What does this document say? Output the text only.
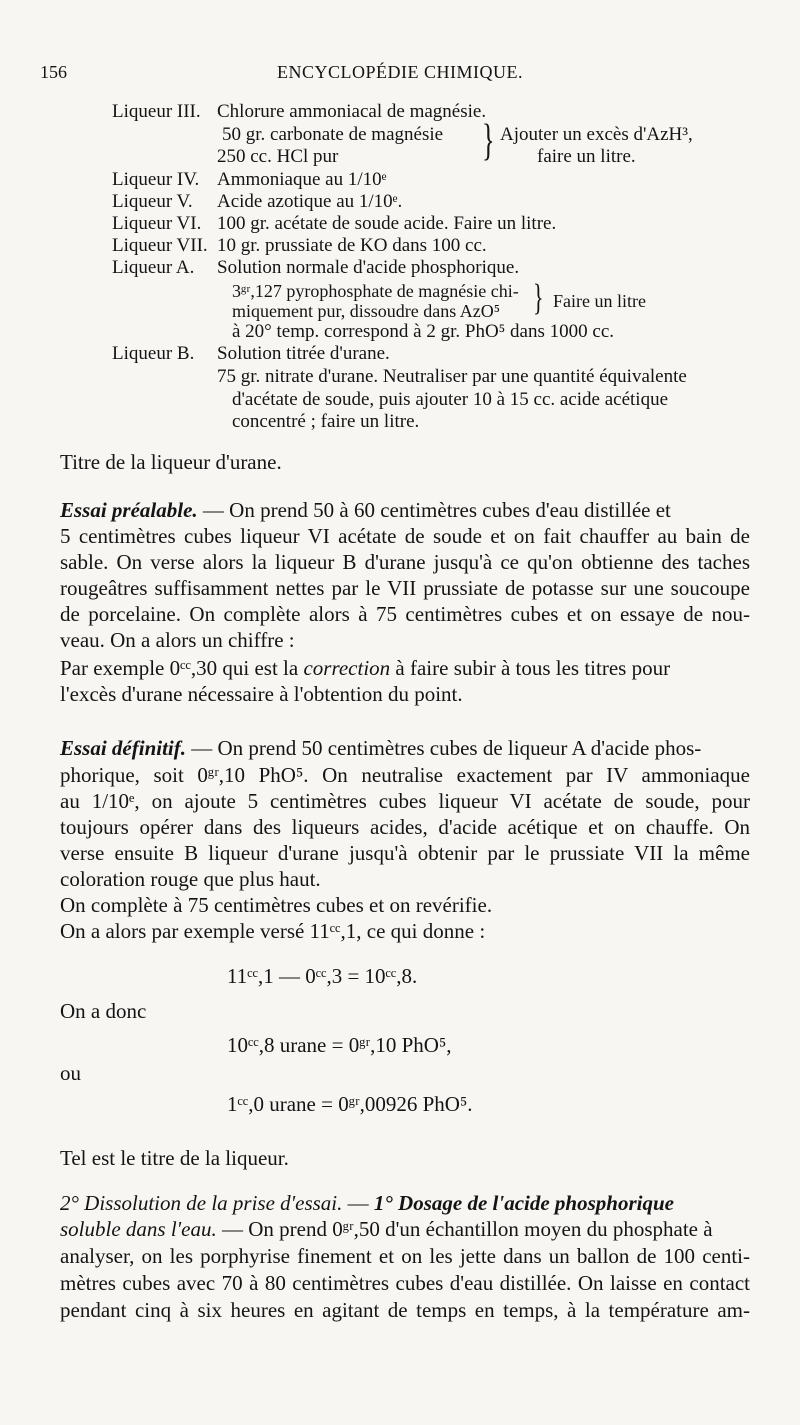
156	ENCYCLOPÉDIE CHIMIQUE.
Liqueur III. Chlorure ammoniacal de magnésie.
50 gr. carbonate de magnésie
250 cc. HCl pur	} Ajouter un excès d'AzH³,
faire un litre.
Liqueur IV. Ammoniaque au 1/10ᵉ
Liqueur V. Acide azotique au 1/10ᵉ.
Liqueur VI. 100 gr. acétate de soude acide. Faire un litre.
Liqueur VII. 10 gr. prussiate de KO dans 100 cc.
Liqueur A. Solution normale d'acide phosphorique.
3ᵍʳ,127 pyrophosphate de magnésie chi-
miquement pur, dissoudre dans AzO⁵ } Faire un litre
à 20° temp. correspond à 2 gr. PhO⁵ dans 1000 cc.
Liqueur B. Solution titrée d'urane.
75 gr. nitrate d'urane. Neutraliser par une quantité équivalente
d'acétate de soude, puis ajouter 10 à 15 cc. acide acétique
concentré ; faire un litre.
Titre de la liqueur d'urane.
Essai préalable. — On prend 50 à 60 centimètres cubes d'eau distillée et
5 centimètres cubes liqueur VI acétate de soude et on fait chauffer au bain de
sable. On verse alors la liqueur B d'urane jusqu'à ce qu'on obtienne des taches
rougeâtres suffisamment nettes par le VII prussiate de potasse sur une soucoupe
de porcelaine. On complète alors à 75 centimètres cubes et on essaye de nou-
veau. On a alors un chiffre :
Par exemple 0ᶜᶜ,30 qui est la correction à faire subir à tous les titres pour
l'excès d'urane nécessaire à l'obtention du point.
Essai définitif. — On prend 50 centimètres cubes de liqueur A d'acide phos-
phorique, soit 0ᵍʳ,10 PhO⁵. On neutralise exactement par IV ammoniaque
au 1/10ᵉ, on ajoute 5 centimètres cubes liqueur VI acétate de soude, pour
toujours opérer dans des liqueurs acides, d'acide acétique et on chauffe. On
verse ensuite B liqueur d'urane jusqu'à obtenir par le prussiate VII la même
coloration rouge que plus haut.
On complète à 75 centimètres cubes et on revérifie.
On a alors par exemple versé 11ᶜᶜ,1, ce qui donne :
11ᶜᶜ,1 — 0ᶜᶜ,3 = 10ᶜᶜ,8.
On a donc
10ᶜᶜ,8 urane = 0ᵍʳ,10 PhO⁵,
ou
1ᶜᶜ,0 urane = 0ᵍʳ,00926 PhO⁵.
Tel est le titre de la liqueur.
2° Dissolution de la prise d'essai. — 1° Dosage de l'acide phosphorique
soluble dans l'eau. — On prend 0ᵍʳ,50 d'un échantillon moyen du phosphate à
analyser, on les porphyrise finement et on les jette dans un ballon de 100 centi-
mètres cubes avec 70 à 80 centimètres cubes d'eau distillée. On laisse en contact
pendant cinq à six heures en agitant de temps en temps, à la température am-
